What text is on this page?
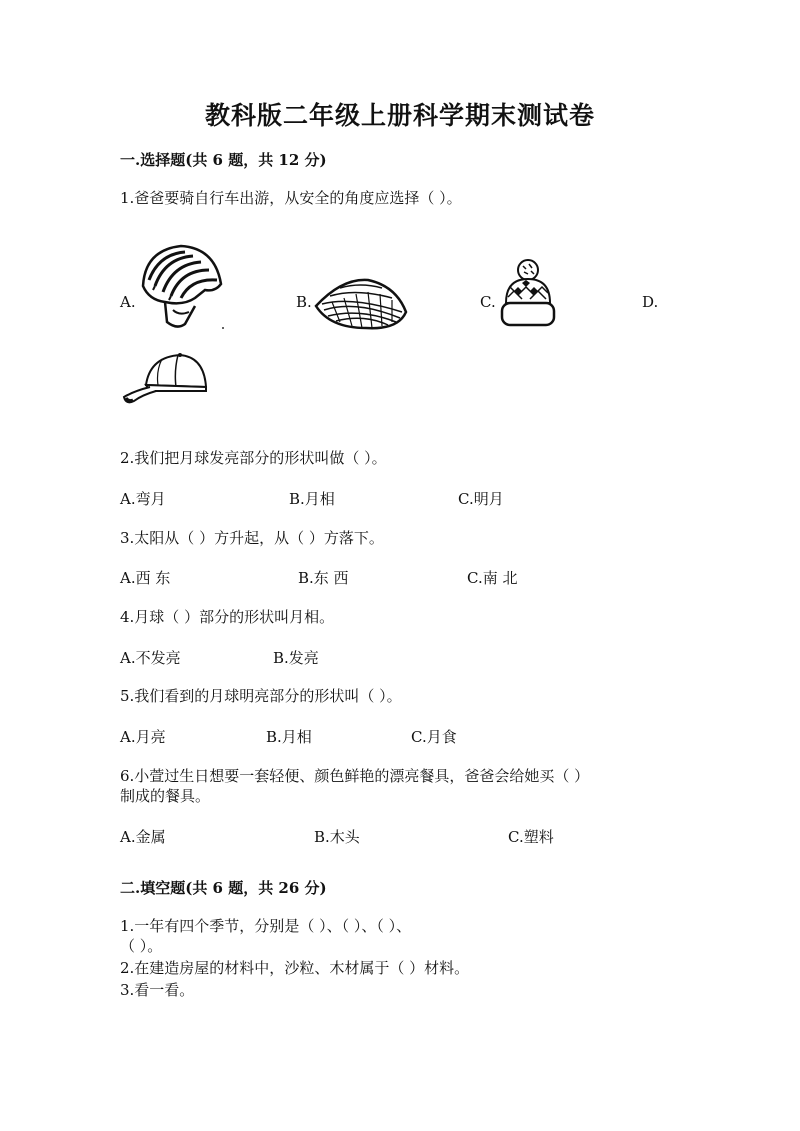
教科版二年级上册科学期末测试卷
一.选择题(共 6 题，共 12 分)
1.爸爸要骑自行车出游，从安全的角度应选择（ ）。
A.	B.	C.	D.
2.我们把月球发亮部分的形状叫做（ ）。
A.弯月	B.月相	C.明月
3.太阳从（ ）方升起，从（ ）方落下。
A.西 东	B.东 西	C.南 北
4.月球（ ）部分的形状叫月相。
A.不发亮	B.发亮
5.我们看到的月球明亮部分的形状叫（ ）。
A.月亮	B.月相	C.月食
6.小萱过生日想要一套轻便、颜色鲜艳的漂亮餐具，爸爸会给她买（ ）
制成的餐具。
A.金属	B.木头	C.塑料
二.填空题(共 6 题，共 26 分)
1.一年有四个季节，分别是（ ）、（ ）、（ ）、
（ ）。
2.在建造房屋的材料中，沙粒、木材属于（ ）材料。
3.看一看。
